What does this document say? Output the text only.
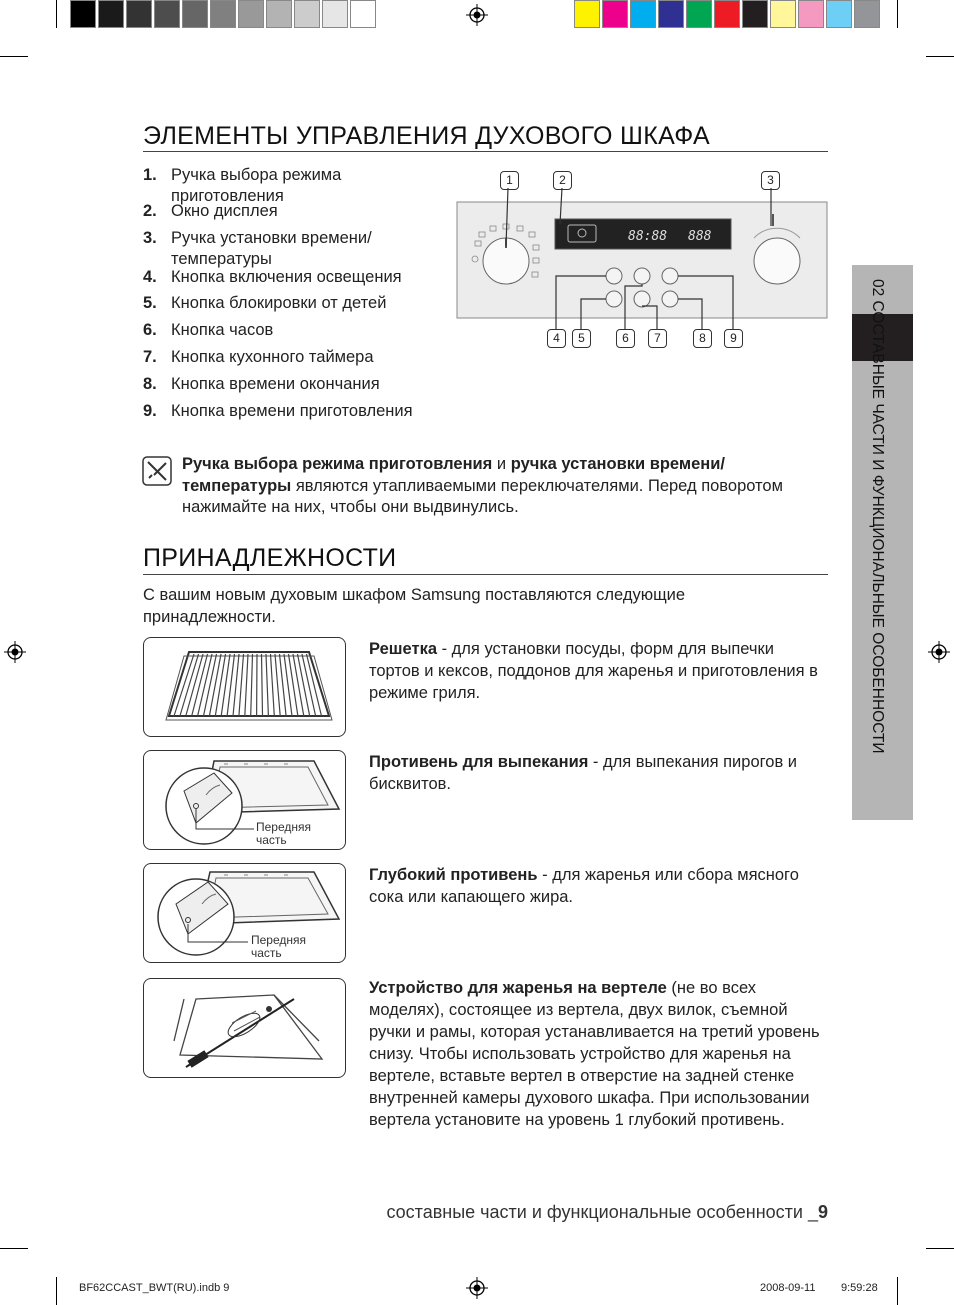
ЭЛЕМЕНТЫ УПРАВЛЕНИЯ ДУХОВОГО ШКАФА
1. Ручка выбора режима приготовления
2. Окно дисплея
3. Ручка установки времени/ температуры
4. Кнопка включения освещения
5. Кнопка блокировки от детей
6. Кнопка часов
7. Кнопка кухонного таймера
8. Кнопка времени окончания
9. Кнопка времени приготовления
88:88 888
1	2	3
4	5	6	7	8	9
Ручка выбора режима приготовления и ручка установки времени/ температуры являются утапливаемыми переключателями. Перед поворотом нажимайте на них, чтобы они выдвинулись.
ПРИНАДЛЕЖНОСТИ
С вашим новым духовым шкафом Samsung поставляются следующие принадлежности.
Решетка - для установки посуды, форм для выпечки тортов и кексов, поддонов для жаренья и приготовления в режиме гриля.
Передняя часть
Противень для выпекания - для выпекания пирогов и бисквитов.
Передняя часть
Глубокий противень - для жаренья или сбора мясного сока или капающего жира.
Устройство для жаренья на вертеле (не во всех моделях), состоящее из вертела, двух вилок, съемной ручки и рамы, которая устанавливается на третий уровень снизу. Чтобы использовать устройство для жаренья на вертеле, вставьте вертел в отверстие на задней стенке внутренней камеры духового шкафа. При использовании вертела установите на уровень 1 глубокий противень.
02 СОСТАВНЫЕ ЧАСТИ И ФУНКЦИОНАЛЬНЫЕ ОСОБЕННОСТИ
составные части и функциональные особенности _9
BF62CCAST_BWT(RU).indb 9	2008-09-11 9:59:28
